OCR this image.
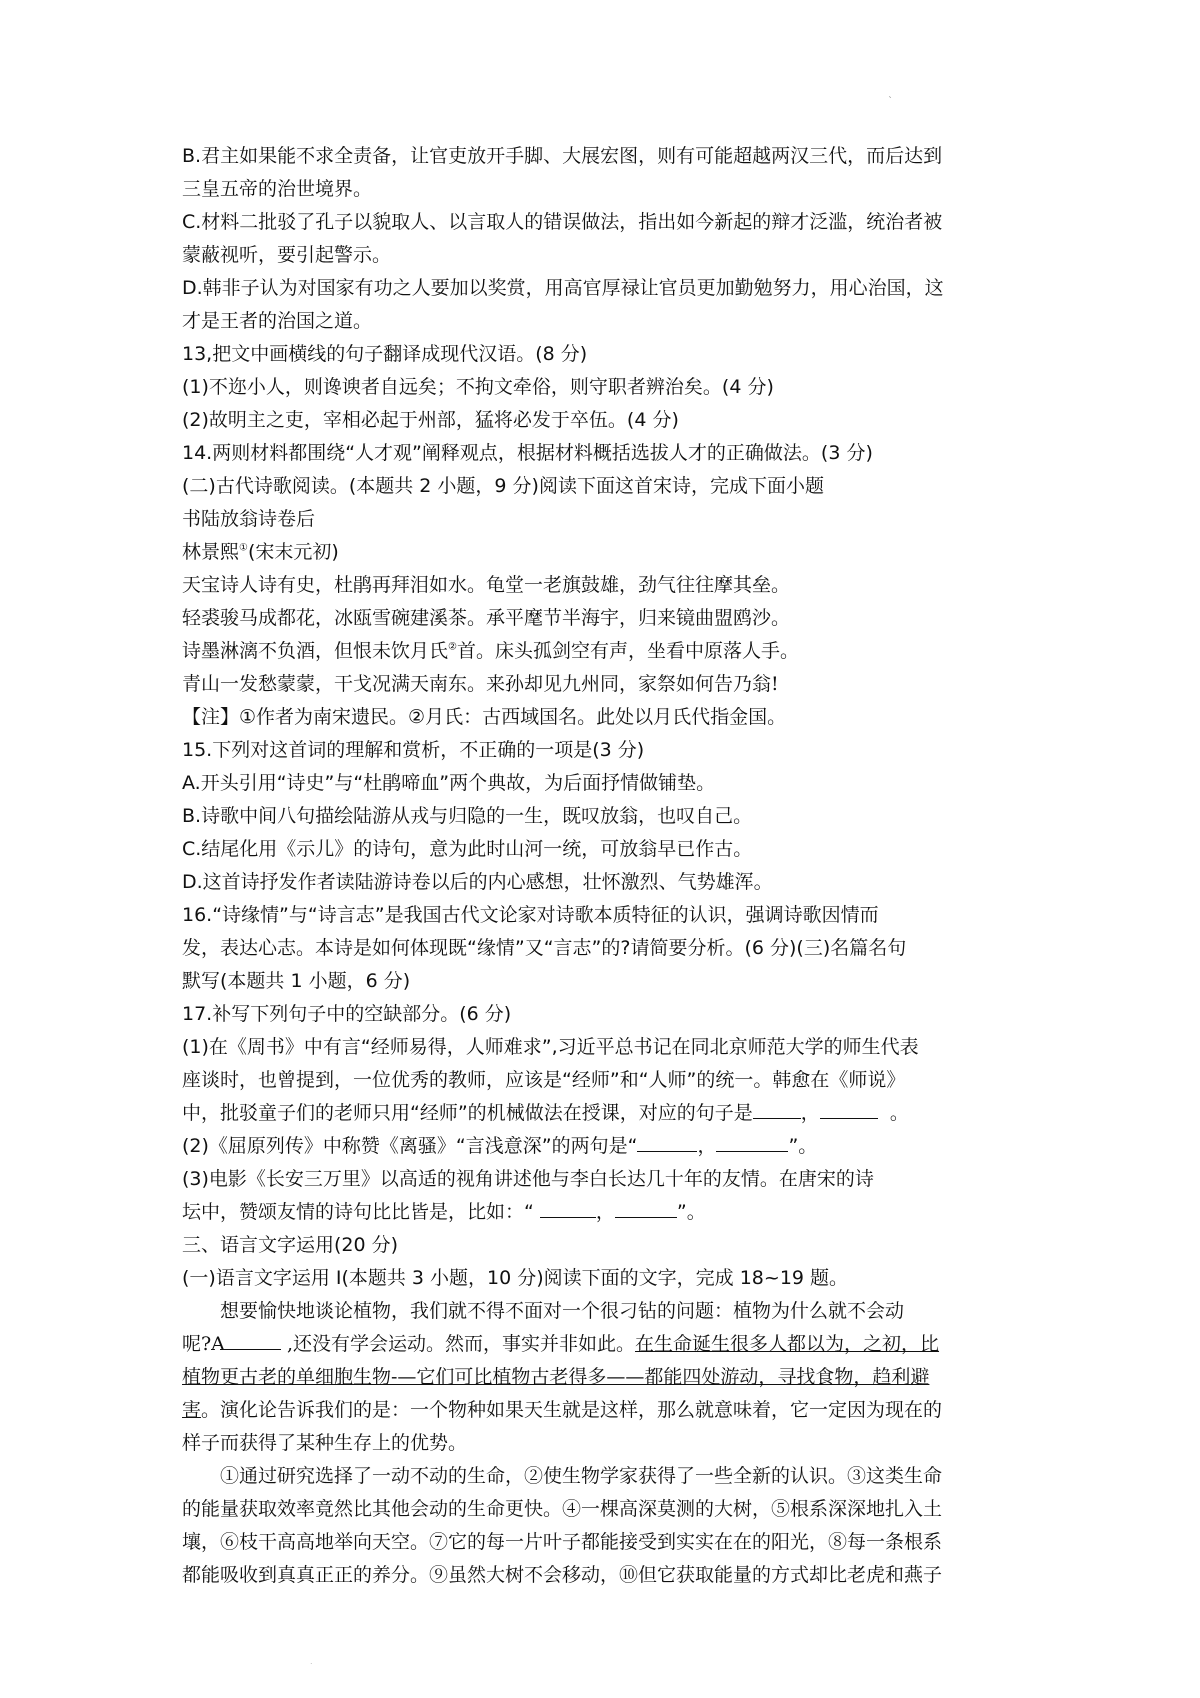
`
B.君主如果能不求全责备，让官吏放开手脚、大展宏图，则有可能超越两汉三代，而后达到
三皇五帝的治世境界。
C.材料二批驳了孔子以貌取人、以言取人的错误做法，指出如今新起的辩才泛滥，统治者被
蒙蔽视听，要引起警示。
D.韩非子认为对国家有功之人要加以奖赏，用高官厚禄让官员更加勤勉努力，用心治国，这
才是王者的治国之道。
13,把文中画横线的句子翻译成现代汉语。(8 分)
(1)不迩小人，则谗谀者自远矣；不拘文牵俗，则守职者辨治矣。(4 分)
(2)故明主之吏，宰相必起于州部，猛将必发于卒伍。(4 分)
14.两则材料都围绕“人才观”阐释观点，根据材料概括选拔人才的正确做法。(3 分)
(二)古代诗歌阅读。(本题共 2 小题，9 分)阅读下面这首宋诗，完成下面小题
书陆放翁诗卷后
林景熙①(宋末元初)
天宝诗人诗有史，杜鹃再拜泪如水。龟堂一老旗鼓雄，劲气往往摩其垒。
轻裘骏马成都花，冰瓯雪碗建溪茶。承平麾节半海宇，归来镜曲盟鸥沙。
诗墨淋漓不负酒，但恨未饮月氏②首。床头孤剑空有声，坐看中原落人手。
青山一发愁蒙蒙，干戈况满天南东。来孙却见九州同，家祭如何告乃翁!
【注】①作者为南宋遗民。②月氏：古西域国名。此处以月氏代指金国。
15.下列对这首词的理解和赏析，不正确的一项是(3 分)
A.开头引用“诗史”与“杜鹃啼血”两个典故，为后面抒情做铺垫。
B.诗歌中间八句描绘陆游从戎与归隐的一生，既叹放翁，也叹自己。
C.结尾化用《示儿》的诗句，意为此时山河一统，可放翁早已作古。
D.这首诗抒发作者读陆游诗卷以后的内心感想，壮怀激烈、气势雄浑。
16.“诗缘情”与“诗言志”是我国古代文论家对诗歌本质特征的认识，强调诗歌因情而
发，表达心志。本诗是如何体现既“缘情”又“言志”的?请简要分析。(6 分)(三)名篇名句
默写(本题共 1 小题，6 分)
17.补写下列句子中的空缺部分。(6 分)
(1)在《周书》中有言“经师易得，人师难求”,习近平总书记在同北京师范大学的师生代表
座谈时，也曾提到，一位优秀的教师，应该是“经师”和“人师”的统一。韩愈在《师说》
中，批驳童子们的老师只用“经师”的机械做法在授课，对应的句子是	，	。
(2)《屈原列传》中称赞《离骚》“言浅意深”的两句是“	，	”。
(3)电影《长安三万里》以高适的视角讲述他与李白长达几十年的友情。在唐宋的诗
坛中，赞颂友情的诗句比比皆是，比如：“	，	”。
三、语言文字运用(20 分)
(一)语言文字运用 I(本题共 3 小题，10 分)阅读下面的文字，完成 18~19 题。
想要愉快地谈论植物，我们就不得不面对一个很刁钻的问题：植物为什么就不会动
呢?A	,还没有学会运动。然而，事实并非如此。在生命诞生很多人都以为，之初，比
植物更古老的单细胞生物-—它们可比植物古老得多——都能四处游动，寻找食物，趋利避
害。演化论告诉我们的是：一个物种如果天生就是这样，那么就意味着，它一定因为现在的
样子而获得了某种生存上的优势。
①通过研究选择了一动不动的生命，②使生物学家获得了一些全新的认识。③这类生命
的能量获取效率竟然比其他会动的生命更快。④一棵高深莫测的大树，⑤根系深深地扎入土
壤，⑥枝干高高地举向天空。⑦它的每一片叶子都能接受到实实在在的阳光，⑧每一条根系
都能吸收到真真正正的养分。⑨虽然大树不会移动，⑩但它获取能量的方式却比老虎和燕子
.
